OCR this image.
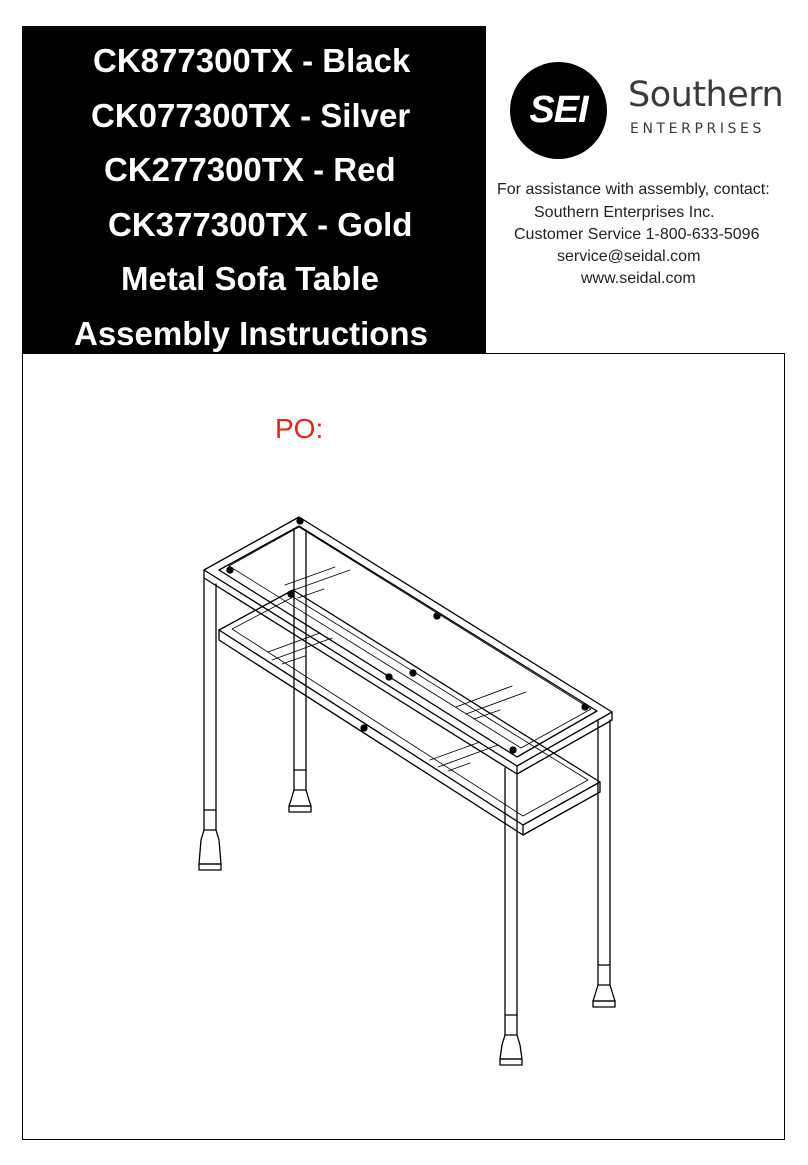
CK877300TX - Black
CK077300TX - Silver
CK277300TX - Red
CK377300TX - Gold
Metal Sofa Table
Assembly Instructions
SEI	Southern
ENTERPRISES
For assistance with assembly, contact:
Southern Enterprises Inc.
Customer Service 1-800-633-5096
service@seidal.com
www.seidal.com
PO:
